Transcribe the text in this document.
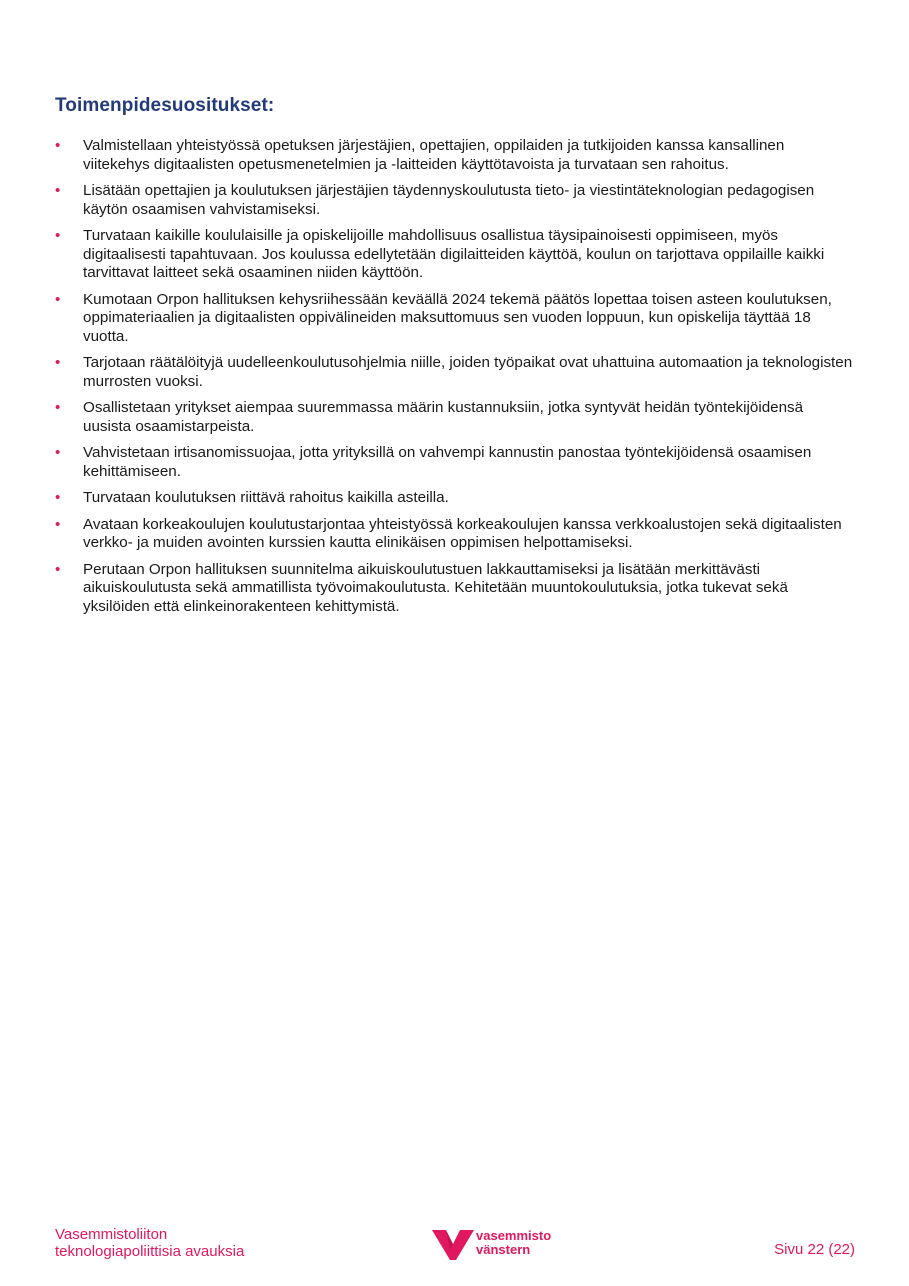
Toimenpidesuositukset:
• Valmistellaan yhteistyössä opetuksen järjestäjien, opettajien, oppilaiden ja tutkijoiden kanssa kansallinen viitekehys digitaalisten opetusmenetelmien ja -laitteiden käyttötavoista ja turvataan sen rahoitus.
• Lisätään opettajien ja koulutuksen järjestäjien täydennyskoulutusta tieto- ja viestintäteknologian pedagogisen käytön osaamisen vahvistamiseksi.
• Turvataan kaikille koululaisille ja opiskelijoille mahdollisuus osallistua täysipainoisesti oppimiseen, myös digitaalisesti tapahtuvaan. Jos koulussa edellytetään digilaitteiden käyttöä, koulun on tarjottava oppilaille kaikki tarvittavat laitteet sekä osaaminen niiden käyttöön.
• Kumotaan Orpon hallituksen kehysriihessään keväällä 2024 tekemä päätös lopettaa toisen asteen koulutuksen, oppimateriaalien ja digitaalisten oppivälineiden maksuttomuus sen vuoden loppuun, kun opiskelija täyttää 18 vuotta.
• Tarjotaan räätälöityjä uudelleenkoulutusohjelmia niille, joiden työpaikat ovat uhattuina automaation ja teknologisten murrosten vuoksi.
• Osallistetaan yritykset aiempaa suuremmassa määrin kustannuksiin, jotka syntyvät heidän työntekijöidensä uusista osaamistarpeista.
• Vahvistetaan irtisanomissuojaa, jotta yrityksillä on vahvempi kannustin panostaa työntekijöidensä osaamisen kehittämiseen.
• Turvataan koulutuksen riittävä rahoitus kaikilla asteilla.
• Avataan korkeakoulujen koulutustarjontaa yhteistyössä korkeakoulujen kanssa verkkoalustojen sekä digitaalisten verkko- ja muiden avointen kurssien kautta elinikäisen oppimisen helpottamiseksi.
• Perutaan Orpon hallituksen suunnitelma aikuiskoulutustuen lakkauttamiseksi ja lisätään merkittävästi aikuiskoulutusta sekä ammatillista työvoimakoulutusta. Kehitetään muuntokoulutuksia, jotka tukevat sekä yksilöiden että elinkeinorakenteen kehittymistä.
Vasemmistoliiton
teknologiapoliittisia avauksia
vasemmisto
vänstern	Sivu 22 (22)
